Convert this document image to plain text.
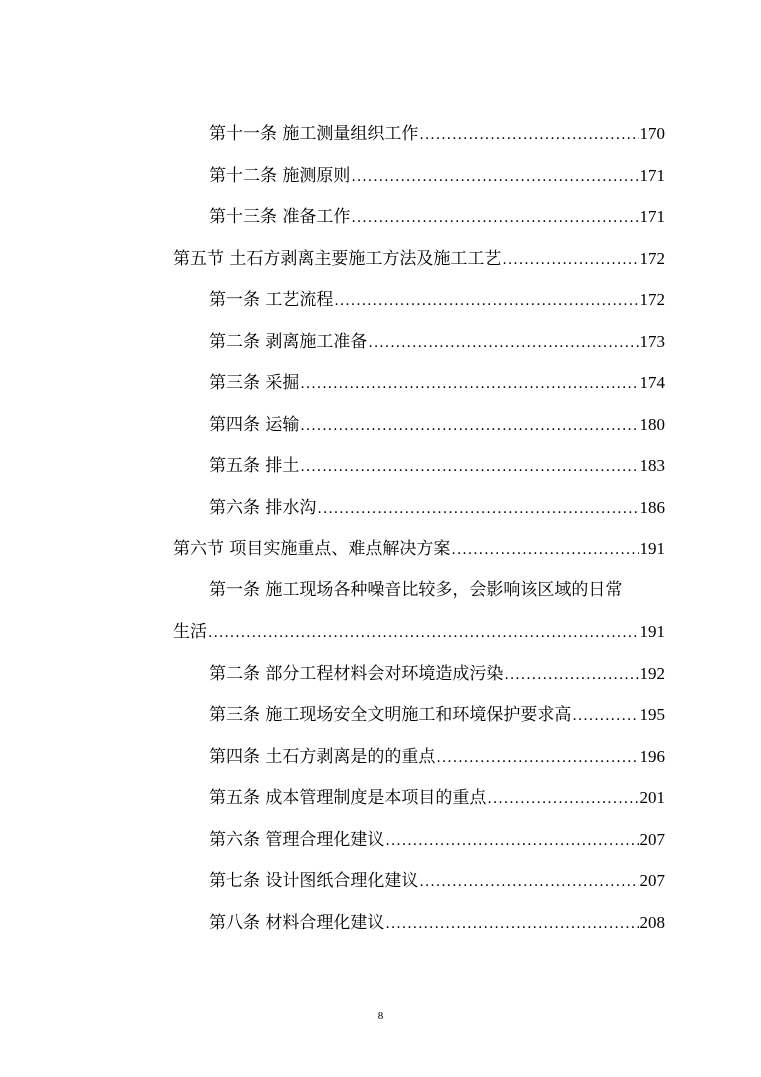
第十一条 施工测量组织工作 .....	170
第十二条 施测原则 .....	171
第十三条 准备工作 .....	171
第五节 土石方剥离主要施工方法及施工工艺 .....	172
第一条 工艺流程 .....	172
第二条 剥离施工准备 .....	173
第三条 采掘 .....	174
第四条 运输 .....	180
第五条 排土 .....	183
第六条 排水沟 .....	186
第六节 项目实施重点、难点解决方案 .....	191
第一条 施工现场各种噪音比较多，会影响该区域的日常
生活 .....	191
第二条 部分工程材料会对环境造成污染 .....	192
第三条 施工现场安全文明施工和环境保护要求高 .....	195
第四条 土石方剥离是的的重点 .....	196
第五条 成本管理制度是本项目的重点 .....	201
第六条 管理合理化建议 .....	207
第七条 设计图纸合理化建议 .....	207
第八条 材料合理化建议 .....	208
8
